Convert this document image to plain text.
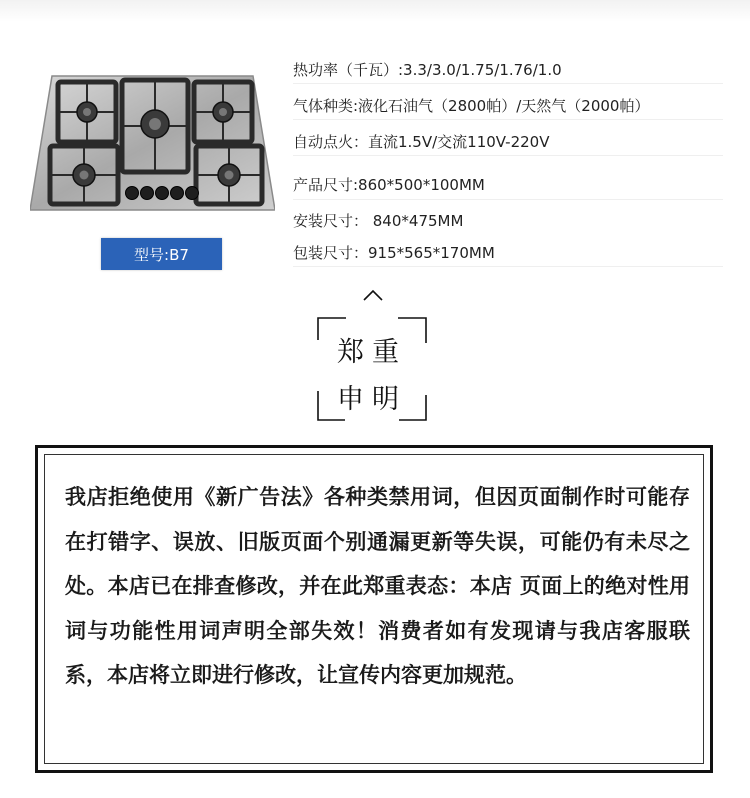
型号:B7
热功率（千瓦）:3.3/3.0/1.75/1.76/1.0
气体种类:液化石油气（2800帕）/天然气（2000帕）
自动点火：直流1.5V/交流110V-220V
产品尺寸:860*500*100MM
安装尺寸： 840*475MM
包装尺寸：915*565*170MM
郑重
申明
我店拒绝使用《新广告法》各种类禁用词，但因页面制作时可能存在打错字、误放、旧版页面个别通漏更新等失误，可能仍有未尽之处。本店已在排查修改，并在此郑重表态：本店 页面上的绝对性用词与功能性用词声明全部失效！消费者如有发现请与我店客服联系，本店将立即进行修改，让宣传内容更加规范。
